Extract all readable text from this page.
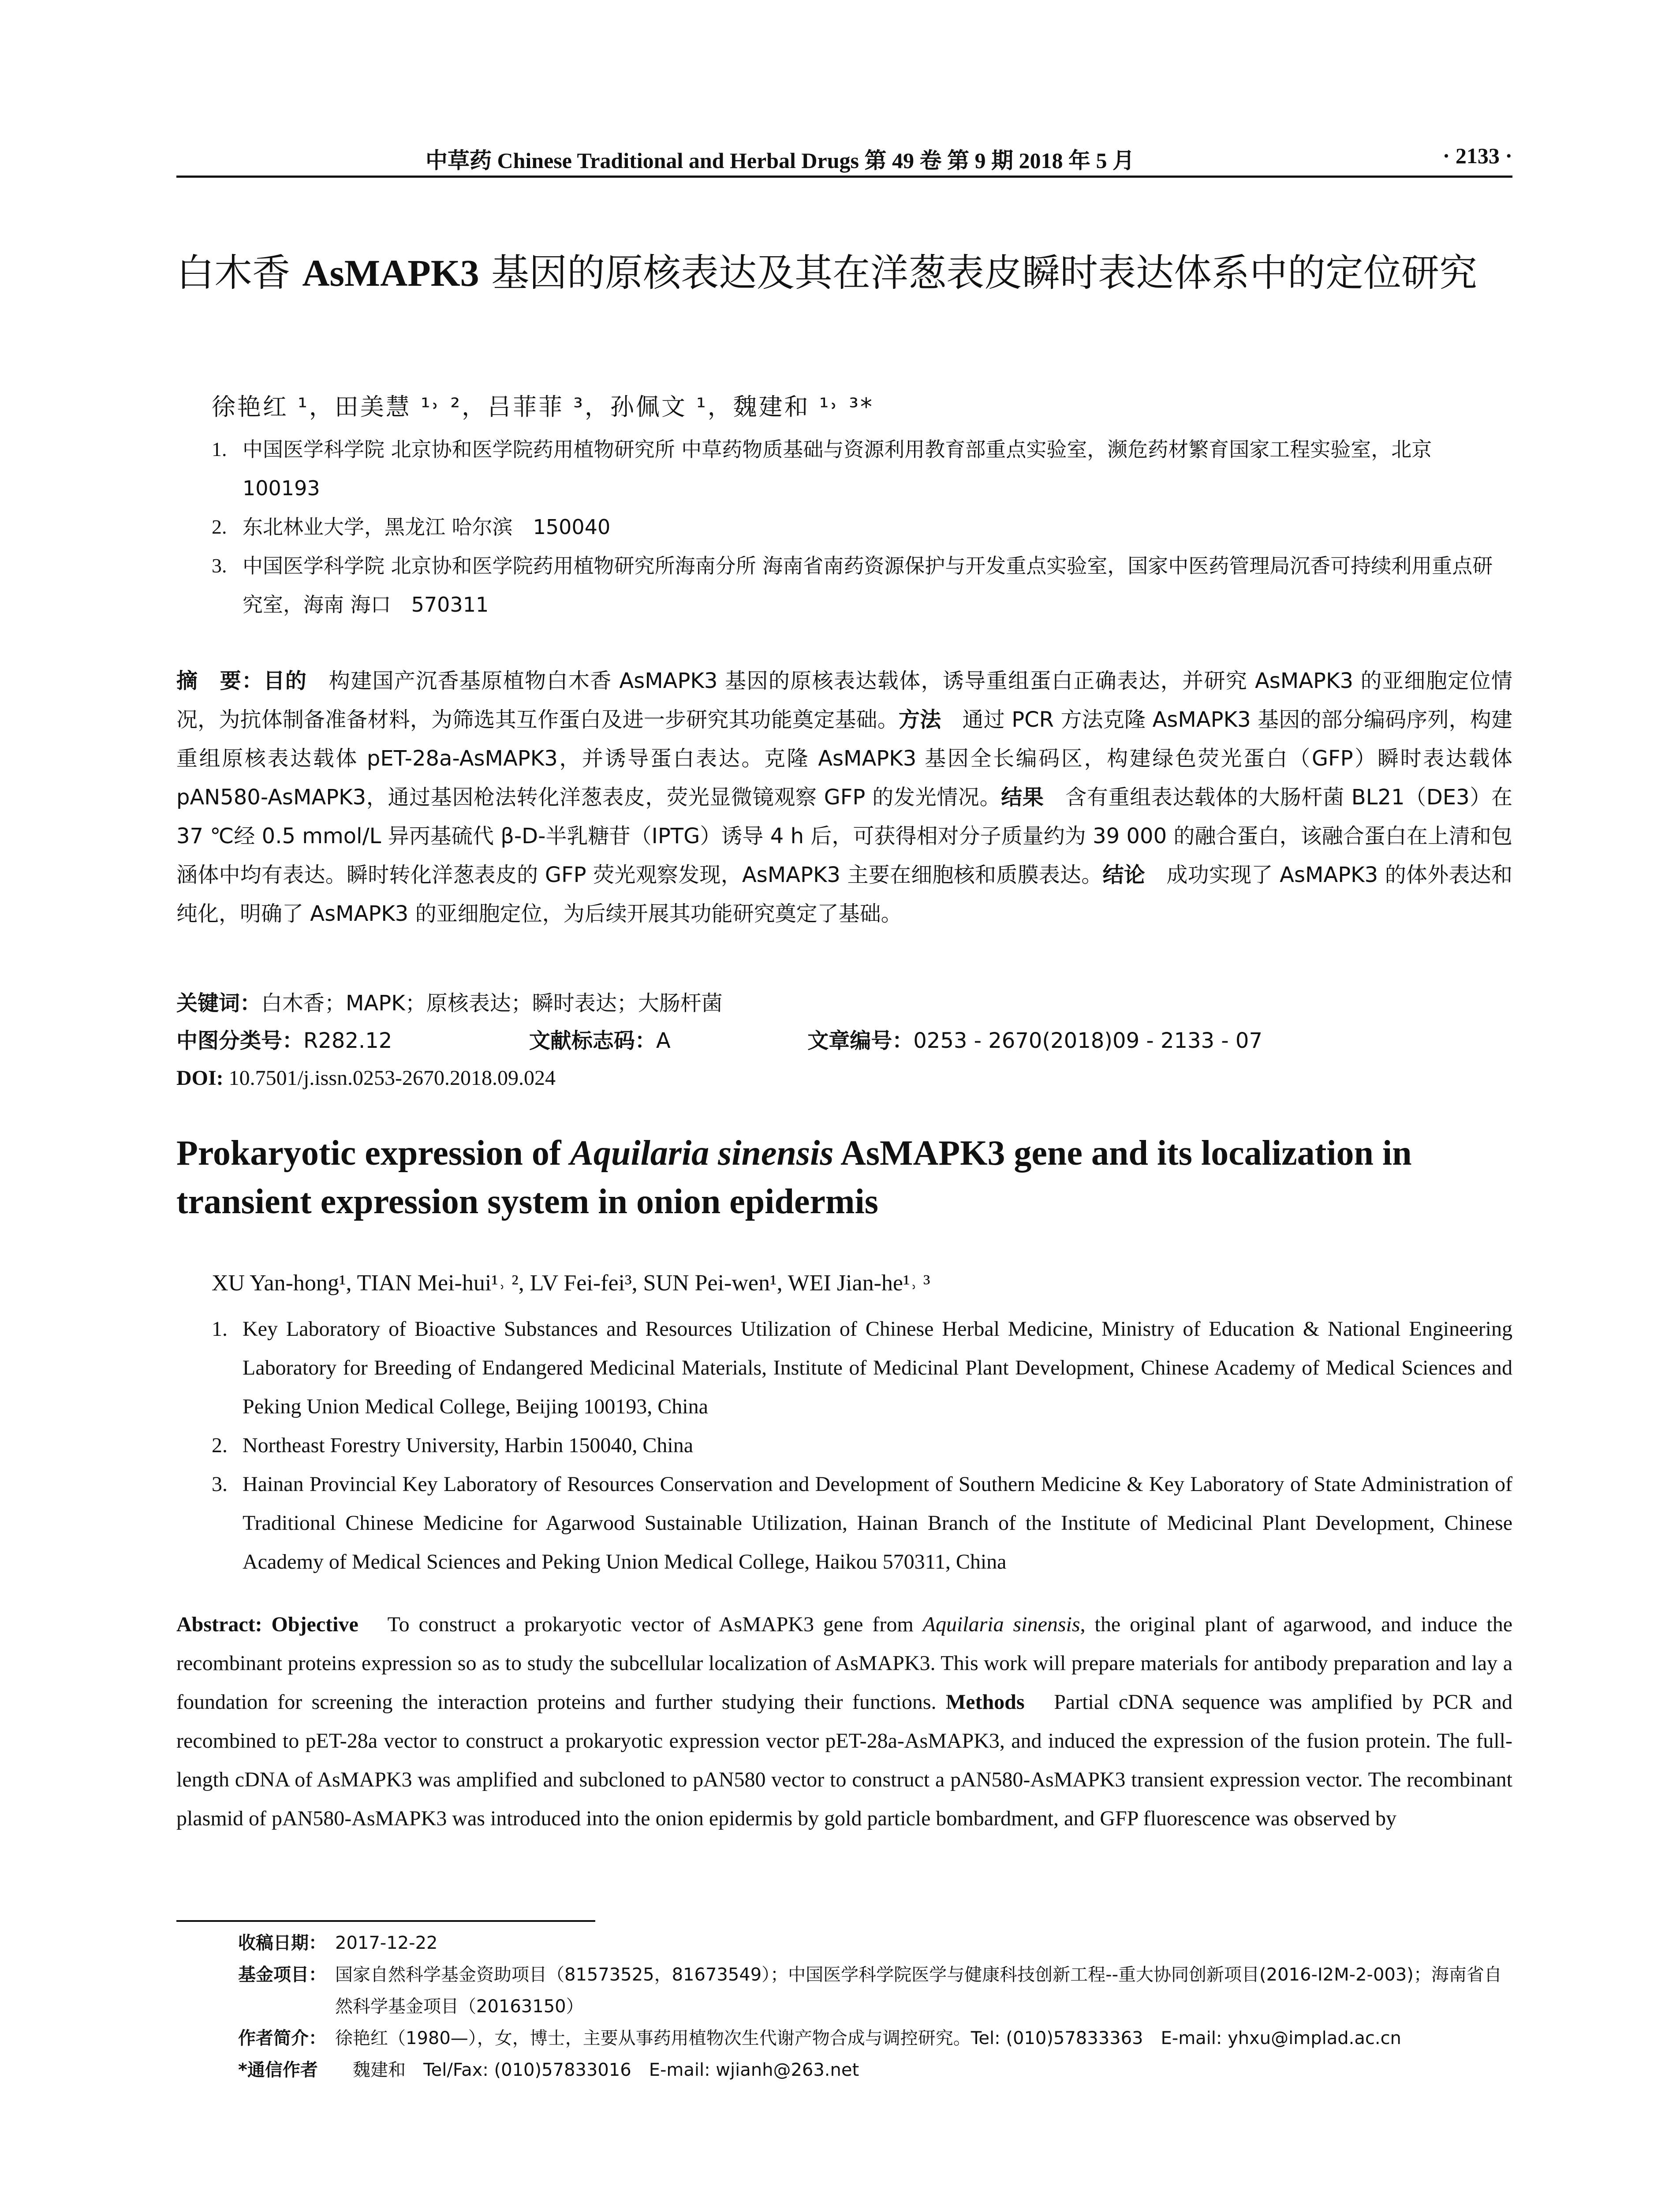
中草药 Chinese Traditional and Herbal Drugs 第 49 卷 第 9 期 2018 年 5 月	· 2133 ·
白木香 AsMAPK3 基因的原核表达及其在洋葱表皮瞬时表达体系中的定位研究
徐艳红 ¹，田美慧 ¹˒ ²，吕菲菲 ³，孙佩文 ¹，魏建和 ¹˒ ³*
1. 中国医学科学院 北京协和医学院药用植物研究所 中草药物质基础与资源利用教育部重点实验室，濒危药材繁育国家工程实验室，北京　100193
2. 东北林业大学，黑龙江 哈尔滨　150040
3. 中国医学科学院 北京协和医学院药用植物研究所海南分所 海南省南药资源保护与开发重点实验室，国家中医药管理局沉香可持续利用重点研究室，海南 海口　570311
摘　要：目的　构建国产沉香基原植物白木香 AsMAPK3 基因的原核表达载体，诱导重组蛋白正确表达，并研究 AsMAPK3 的亚细胞定位情况，为抗体制备准备材料，为筛选其互作蛋白及进一步研究其功能奠定基础。方法　通过 PCR 方法克隆 AsMAPK3 基因的部分编码序列，构建重组原核表达载体 pET-28a-AsMAPK3，并诱导蛋白表达。克隆 AsMAPK3 基因全长编码区，构建绿色荧光蛋白（GFP）瞬时表达载体 pAN580-AsMAPK3，通过基因枪法转化洋葱表皮，荧光显微镜观察 GFP 的发光情况。结果　含有重组表达载体的大肠杆菌 BL21（DE3）在 37 ℃经 0.5 mmol/L 异丙基硫代 β-D-半乳糖苷（IPTG）诱导 4 h 后，可获得相对分子质量约为 39 000 的融合蛋白，该融合蛋白在上清和包涵体中均有表达。瞬时转化洋葱表皮的 GFP 荧光观察发现，AsMAPK3 主要在细胞核和质膜表达。结论　成功实现了 AsMAPK3 的体外表达和纯化，明确了 AsMAPK3 的亚细胞定位，为后续开展其功能研究奠定了基础。
关键词：白木香；MAPK；原核表达；瞬时表达；大肠杆菌
中图分类号：R282.12	文献标志码：A	文章编号：0253 - 2670(2018)09 - 2133 - 07
DOI: 10.7501/j.issn.0253-2670.2018.09.024
Prokaryotic expression of Aquilaria sinensis AsMAPK3 gene and its localization in transient expression system in onion epidermis
XU Yan-hong¹, TIAN Mei-hui¹˒ ², LV Fei-fei³, SUN Pei-wen¹, WEI Jian-he¹˒ ³
1. Key Laboratory of Bioactive Substances and Resources Utilization of Chinese Herbal Medicine, Ministry of Education & National Engineering Laboratory for Breeding of Endangered Medicinal Materials, Institute of Medicinal Plant Development, Chinese Academy of Medical Sciences and Peking Union Medical College, Beijing 100193, China
2. Northeast Forestry University, Harbin 150040, China
3. Hainan Provincial Key Laboratory of Resources Conservation and Development of Southern Medicine & Key Laboratory of State Administration of Traditional Chinese Medicine for Agarwood Sustainable Utilization, Hainan Branch of the Institute of Medicinal Plant Development, Chinese Academy of Medical Sciences and Peking Union Medical College, Haikou 570311, China
Abstract: Objective　To construct a prokaryotic vector of AsMAPK3 gene from Aquilaria sinensis, the original plant of agarwood, and induce the recombinant proteins expression so as to study the subcellular localization of AsMAPK3. This work will prepare materials for antibody preparation and lay a foundation for screening the interaction proteins and further studying their functions. Methods　Partial cDNA sequence was amplified by PCR and recombined to pET-28a vector to construct a prokaryotic expression vector pET-28a-AsMAPK3, and induced the expression of the fusion protein. The full-length cDNA of AsMAPK3 was amplified and subcloned to pAN580 vector to construct a pAN580-AsMAPK3 transient expression vector. The recombinant plasmid of pAN580-AsMAPK3 was introduced into the onion epidermis by gold particle bombardment, and GFP fluorescence was observed by
收稿日期： 2017-12-22
基金项目： 国家自然科学基金资助项目（81573525，81673549）；中国医学科学院医学与健康科技创新工程--重大协同创新项目(2016-I2M-2-003)；海南省自然科学基金项目（20163150）
作者简介： 徐艳红（1980—），女，博士，主要从事药用植物次生代谢产物合成与调控研究。Tel: (010)57833363　E-mail: yhxu@implad.ac.cn
*通信作者 　魏建和　Tel/Fax: (010)57833016　E-mail: wjianh@263.net
